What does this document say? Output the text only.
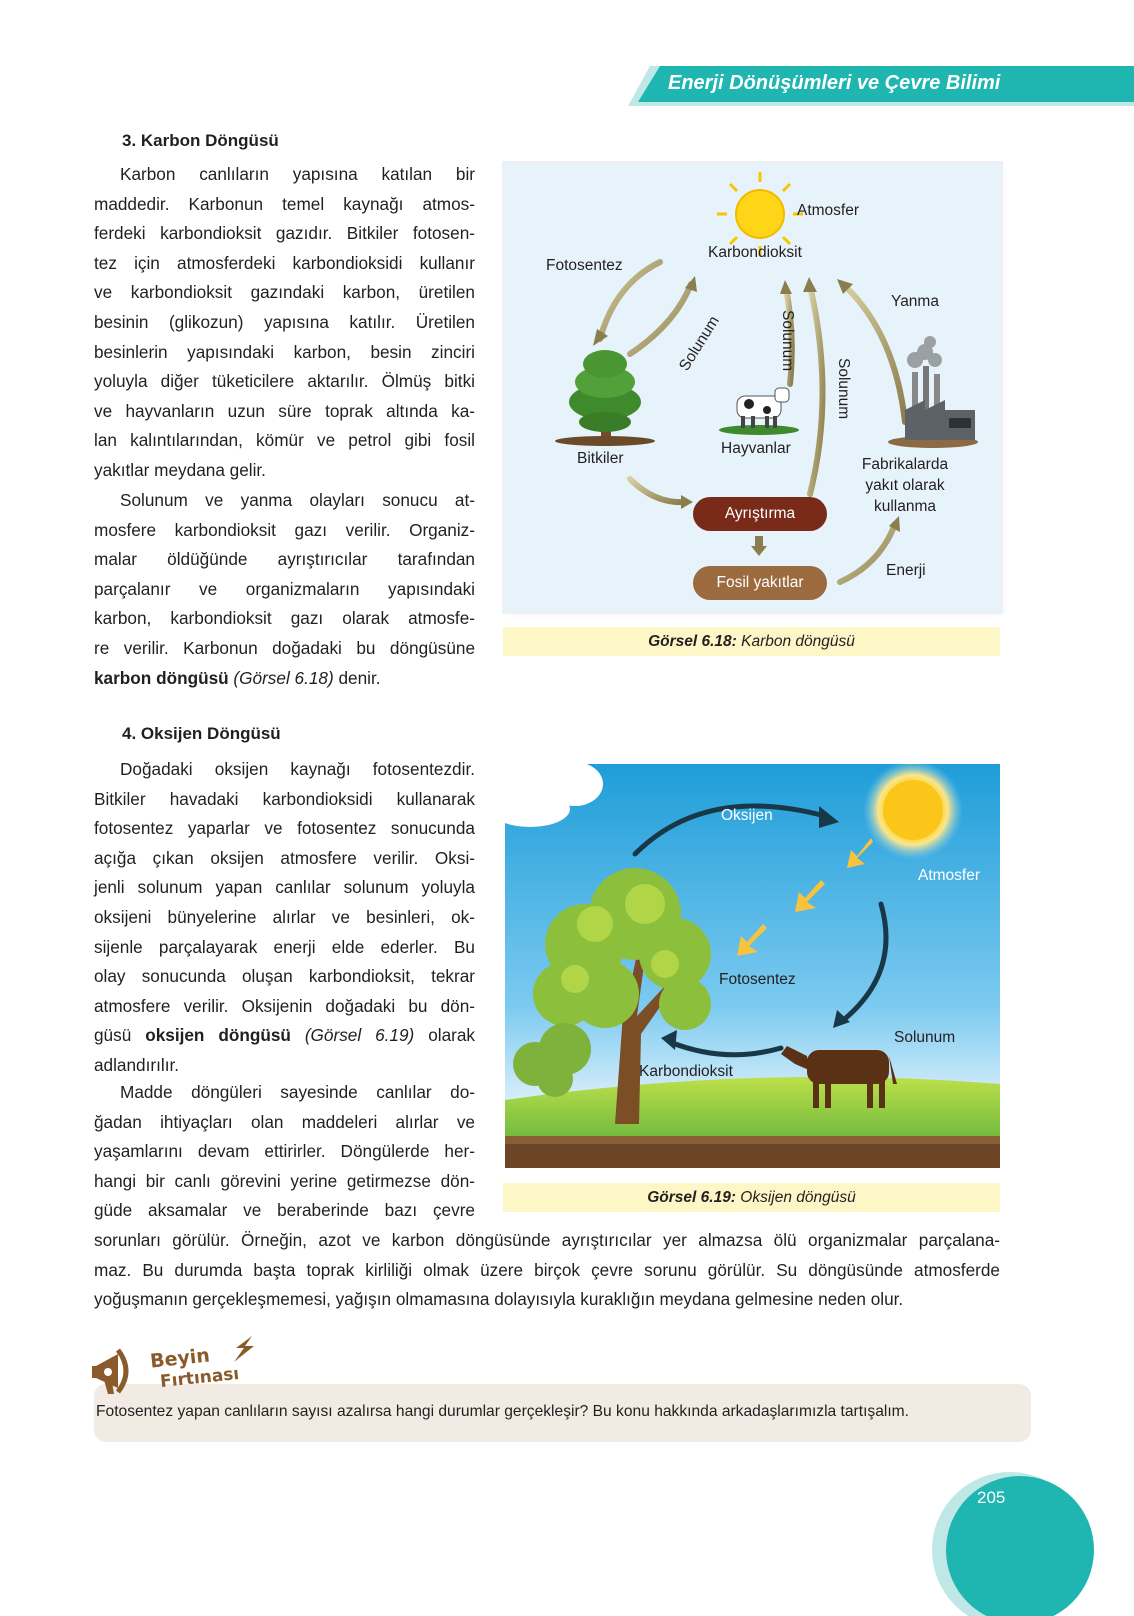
Enerji Dönüşümleri ve Çevre Bilimi
3. Karbon Döngüsü
Karbon canlıların yapısına katılan bir
maddedir. Karbonun temel kaynağı atmos-
ferdeki karbondioksit gazıdır. Bitkiler fotosen-
tez için atmosferdeki karbondioksidi kullanır
ve karbondioksit gazındaki karbon, üretilen
besinin (glikozun) yapısına katılır. Üretilen
besinlerin yapısındaki karbon, besin zinciri
yoluyla diğer tüketicilere aktarılır. Ölmüş bitki
ve hayvanların uzun süre toprak altında ka-
lan kalıntılarından, kömür ve petrol gibi fosil
yakıtlar meydana gelir.
Solunum ve yanma olayları sonucu at-
mosfere karbondioksit gazı verilir. Organiz-
malar öldüğünde ayrıştırıcılar tarafından
parçalanır ve organizmaların yapısındaki
karbon, karbondioksit gazı olarak atmosfe-
re verilir. Karbonun doğadaki bu döngüsüne
karbon döngüsü (Görsel 6.18) denir.
Atmosfer
Karbondioksit
Fotosentez
Yanma
Solunum	Solunum
Solunum
Bitkiler
Hayvanlar
Fabrikalarda
yakıt olarak
kullanma
Ayrıştırma
Fosil yakıtlar
Enerji
Görsel 6.18: Karbon döngüsü
4. Oksijen Döngüsü
Doğadaki oksijen kaynağı fotosentezdir.
Bitkiler havadaki karbondioksidi kullanarak
fotosentez yaparlar ve fotosentez sonucunda
açığa çıkan oksijen atmosfere verilir. Oksi-
jenli solunum yapan canlılar solunum yoluyla
oksijeni bünyelerine alırlar ve besinleri, ok-
sijenle parçalayarak enerji elde ederler. Bu
olay sonucunda oluşan karbondioksit, tekrar
atmosfere verilir. Oksijenin doğadaki bu dön-
güsü oksijen döngüsü (Görsel 6.19) olarak
adlandırılır.
Madde döngüleri sayesinde canlılar do-
ğadan ihtiyaçları olan maddeleri alırlar ve
yaşamlarını devam ettirirler. Döngülerde her-
hangi bir canlı görevini yerine getirmezse dön-
güde aksamalar ve beraberinde bazı çevre
sorunları görülür. Örneğin, azot ve karbon döngüsünde ayrıştırıcılar yer almazsa ölü organizmalar parçalana-
maz. Bu durumda başta toprak kirliliği olmak üzere birçok çevre sorunu görülür. Su döngüsünde atmosferde
yoğuşmanın gerçekleşmemesi, yağışın olmamasına dolayısıyla kuraklığın meydana gelmesine neden olur.
Oksijen
Atmosfer
Fotosentez
Solunum
Karbondioksit
Görsel 6.19: Oksijen döngüsü
Beyin
Fırtınası
Fotosentez yapan canlıların sayısı azalırsa hangi durumlar gerçekleşir? Bu konu hakkında arkadaşlarımızla tartışalım.
205
